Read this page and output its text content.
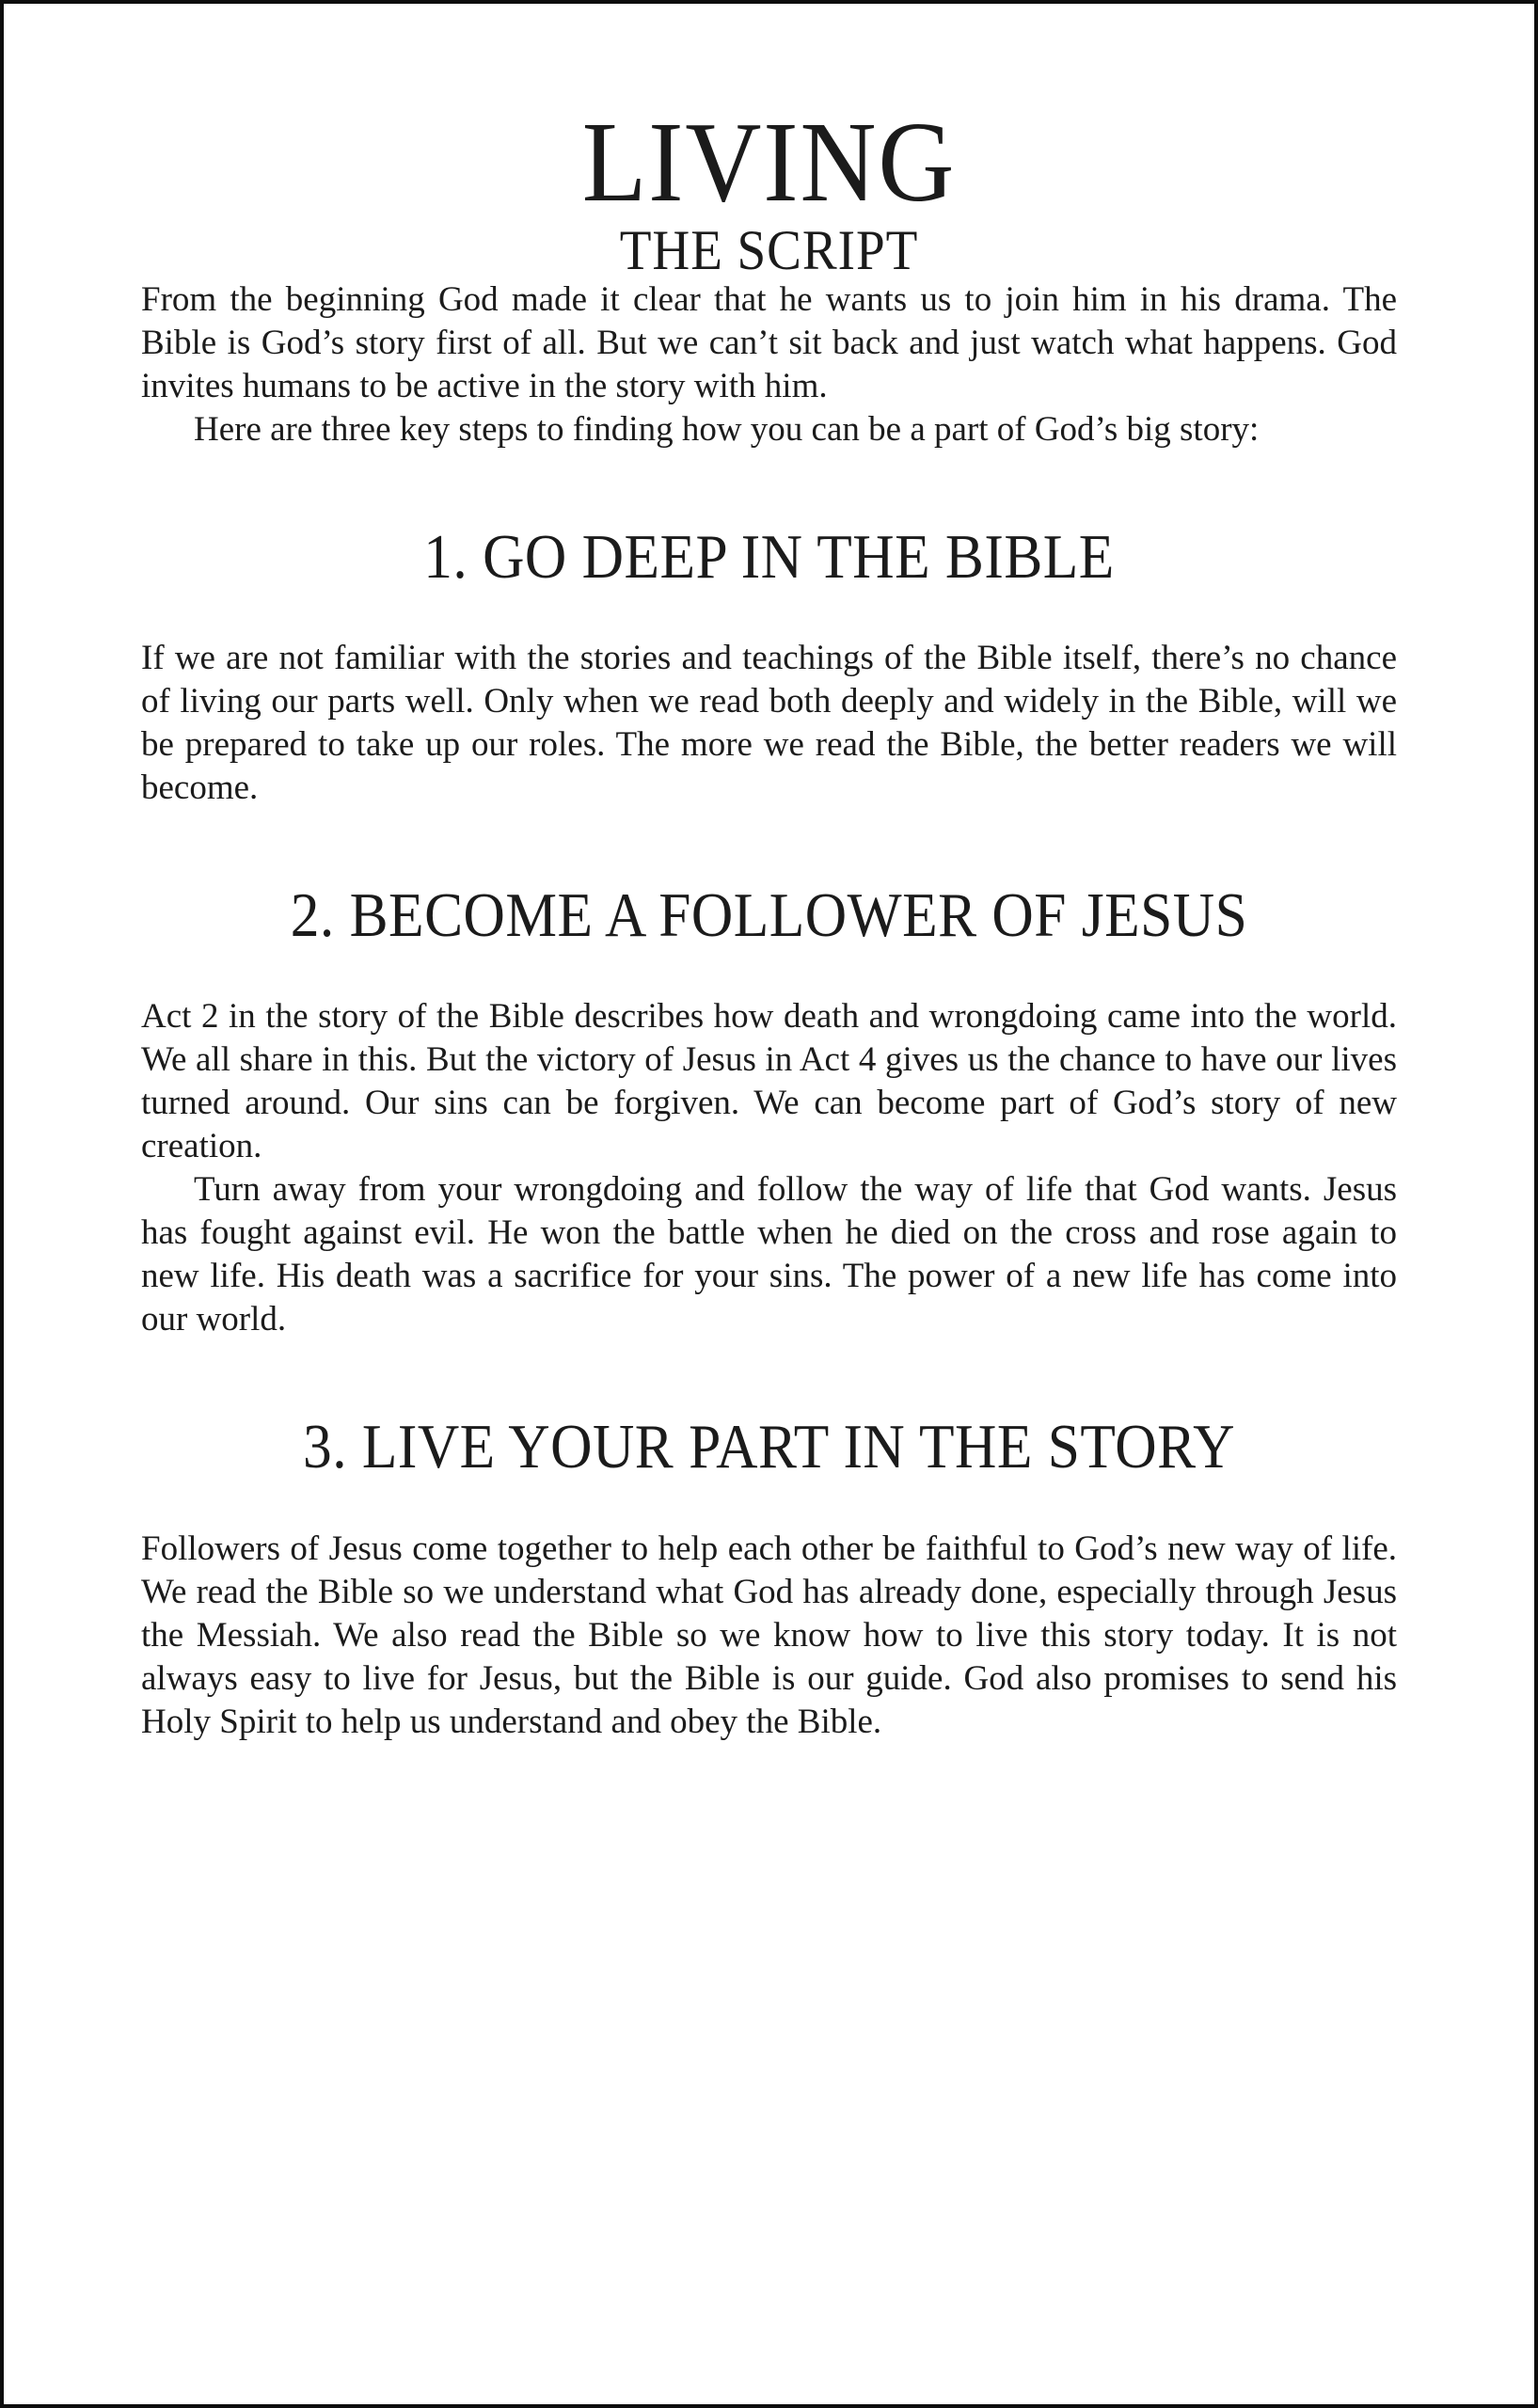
LIVING
THE SCRIPT

From the beginning God made it clear that he wants us to join him in his drama. The Bible is God’s story first of all. But we can’t sit back and just watch what happens. God invites humans to be active in the story with him.

Here are three key steps to finding how you can be a part of God’s big story:

1. GO DEEP IN THE BIBLE

If we are not familiar with the stories and teachings of the Bible itself, there’s no chance of living our parts well. Only when we read both deeply and widely in the Bible, will we be prepared to take up our roles. The more we read the Bible, the better readers we will become.

2. BECOME A FOLLOWER OF JESUS

Act 2 in the story of the Bible describes how death and wrongdoing came into the world. We all share in this. But the victory of Jesus in Act 4 gives us the chance to have our lives turned around. Our sins can be forgiven. We can become part of God’s story of new creation.

Turn away from your wrongdoing and follow the way of life that God wants. Jesus has fought against evil. He won the battle when he died on the cross and rose again to new life. His death was a sacrifice for your sins. The power of a new life has come into our world.

3. LIVE YOUR PART IN THE STORY

Followers of Jesus come together to help each other be faithful to God’s new way of life. We read the Bible so we understand what God has already done, especially through Jesus the Messiah. We also read the Bible so we know how to live this story today. It is not always easy to live for Jesus, but the Bible is our guide. God also promises to send his Holy Spirit to help us understand and obey the Bible.
